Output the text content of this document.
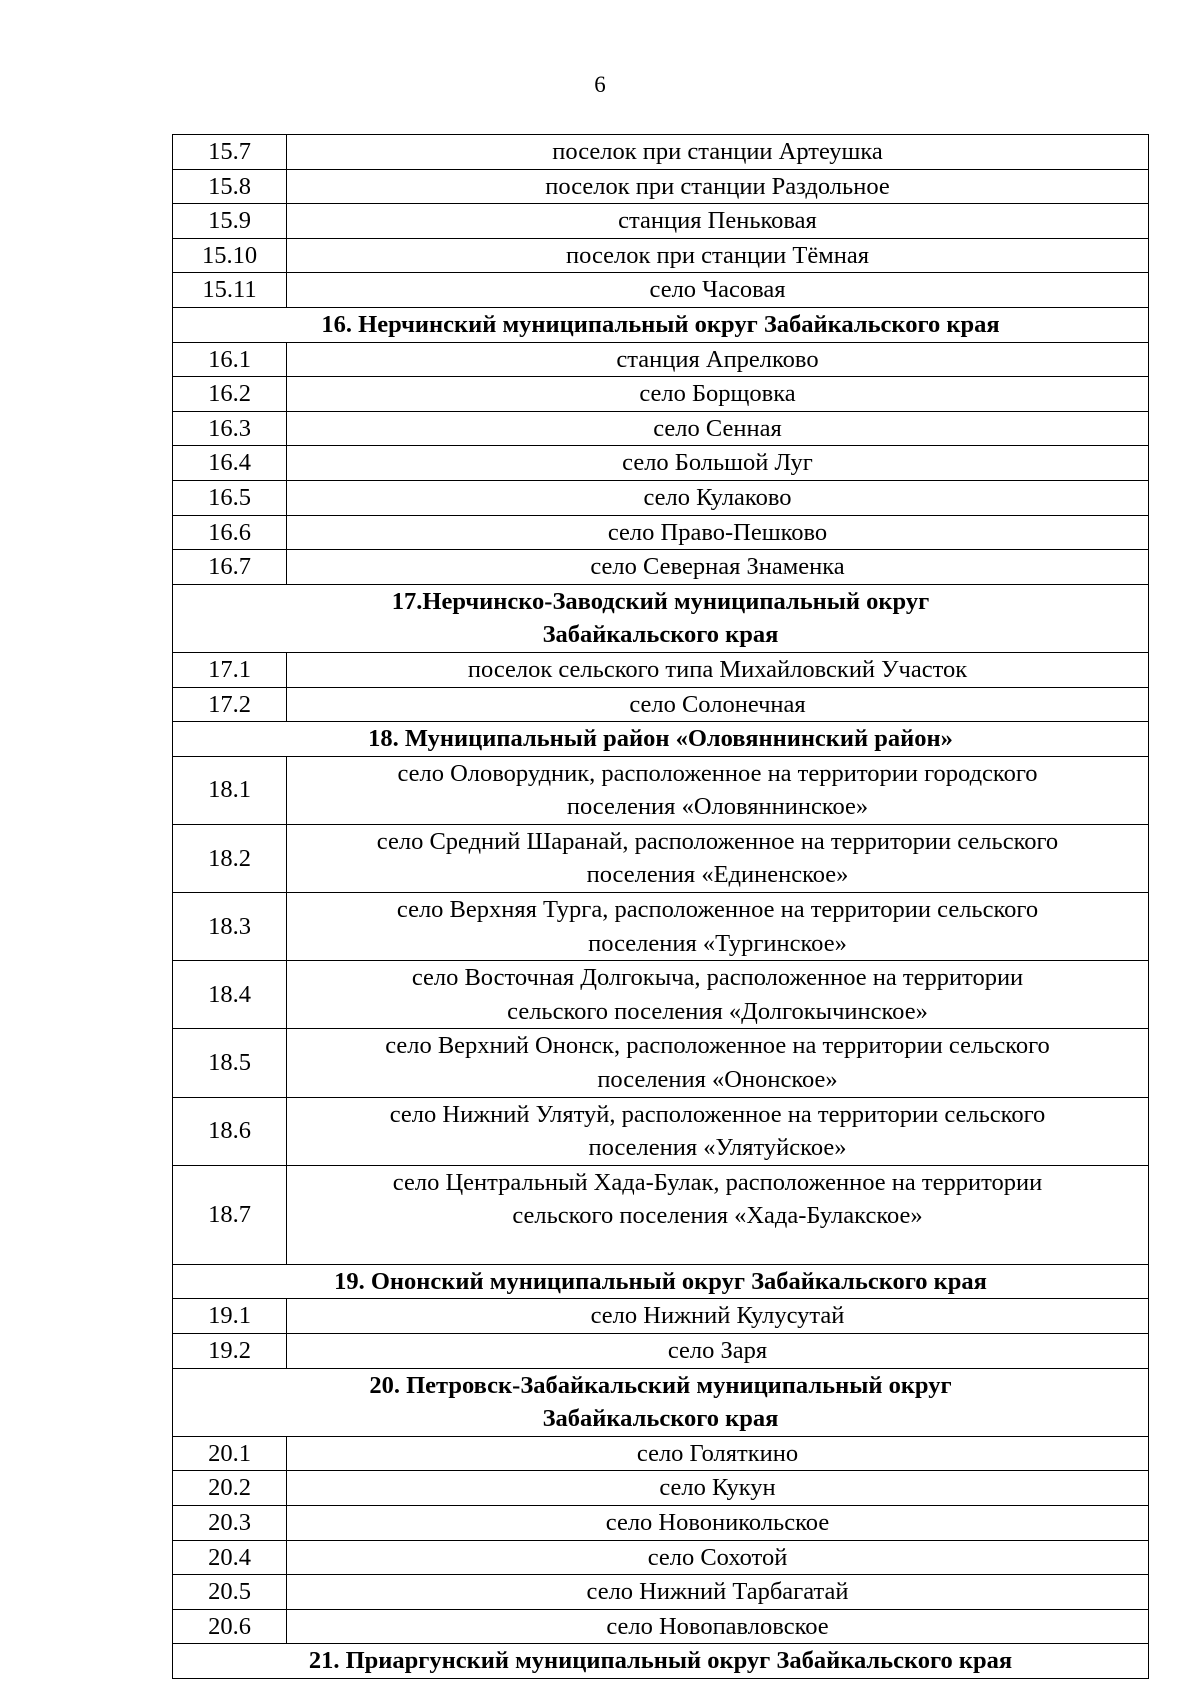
6
15.7	поселок при станции Артеушка

15.8	поселок при станции Раздольное

15.9	станция Пеньковая

15.10	поселок при станции Тёмная

15.11	село Часовая

16. Нерчинский муниципальный округ Забайкальского края	

16.1	станция Апрелково

16.2	село Борщовка

16.3	село Сенная

16.4	село Большой Луг

16.5	село Кулаково

16.6	село Право-Пешково

16.7	село Северная Знаменка

17.Нерчинско-Заводский муниципальный округ
Забайкальского края	

17.1	поселок сельского типа Михайловский Участок

17.2	село Солонечная

18. Муниципальный район «Оловяннинский район»	

18.1	село Оловорудник, расположенное на территории городского
поселения «Оловяннинское»

18.2	село Средний Шаранай, расположенное на территории сельского
поселения «Единенское»

18.3	село Верхняя Турга, расположенное на территории сельского
поселения «Тургинское»

18.4	село Восточная Долгокыча, расположенное на территории
сельского поселения «Долгокычинское»

18.5	село Верхний Ононск, расположенное на территории сельского
поселения «Ононское»

18.6	село Нижний Улятуй, расположенное на территории сельского
поселения «Улятуйское»

18.7	село Центральный Хада-Булак, расположенное на территории
сельского поселения «Хада-Булакское»

19. Ононский муниципальный округ Забайкальского края	

19.1	село Нижний Кулусутай

19.2	село Заря

20. Петровск-Забайкальский муниципальный округ
Забайкальского края	

20.1	село Голяткино

20.2	село Кукун

20.3	село Новоникольское

20.4	село Сохотой

20.5	село Нижний Тарбагатай

20.6	село Новопавловское

21. Приаргунский муниципальный округ Забайкальского края	
